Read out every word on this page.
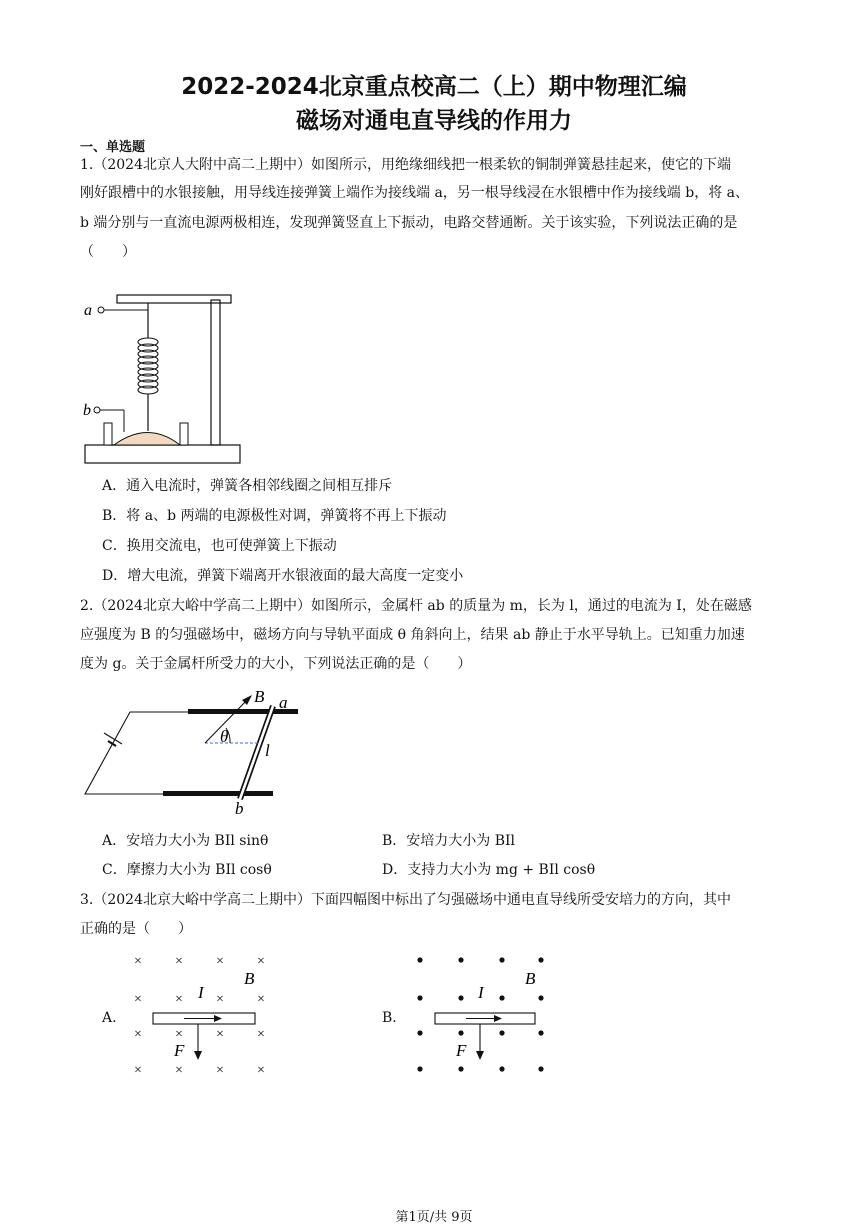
2022-2024北京重点校高二（上）期中物理汇编
磁场对通电直导线的作用力
一、单选题
1.（2024北京人大附中高二上期中）如图所示，用绝缘细线把一根柔软的铜制弹簧悬挂起来，使它的下端
刚好跟槽中的水银接触，用导线连接弹簧上端作为接线端 a，另一根导线浸在水银槽中作为接线端 b，将 a、
b 端分别与一直流电源两极相连，发现弹簧竖直上下振动，电路交替通断。关于该实验，下列说法正确的是
（　　）
a
b
A．通入电流时，弹簧各相邻线圈之间相互排斥
B．将 a、b 两端的电源极性对调，弹簧将不再上下振动
C．换用交流电，也可使弹簧上下振动
D．增大电流，弹簧下端离开水银液面的最大高度一定变小
2.（2024北京大峪中学高二上期中）如图所示，金属杆 ab 的质量为 m，长为 l，通过的电流为 I，处在磁感
应强度为 B 的匀强磁场中，磁场方向与导轨平面成 θ 角斜向上，结果 ab 静止于水平导轨上。已知重力加速
度为 g。关于金属杆所受力的大小，下列说法正确的是（　　）
B a
θ
l
b
A．安培力大小为 BIl sinθ	B．安培力大小为 BIl
C．摩擦力大小为 BIl cosθ	D．支持力大小为 mg + BIl cosθ
3.（2024北京大峪中学高二上期中）下面四幅图中标出了匀强磁场中通电直导线所受安培力的方向，其中
正确的是（　　）
A.
× × × ×
× × × ×
× × × ×
× × × ×
B
I
F
B.
B
I
F
第1页/共 9页
